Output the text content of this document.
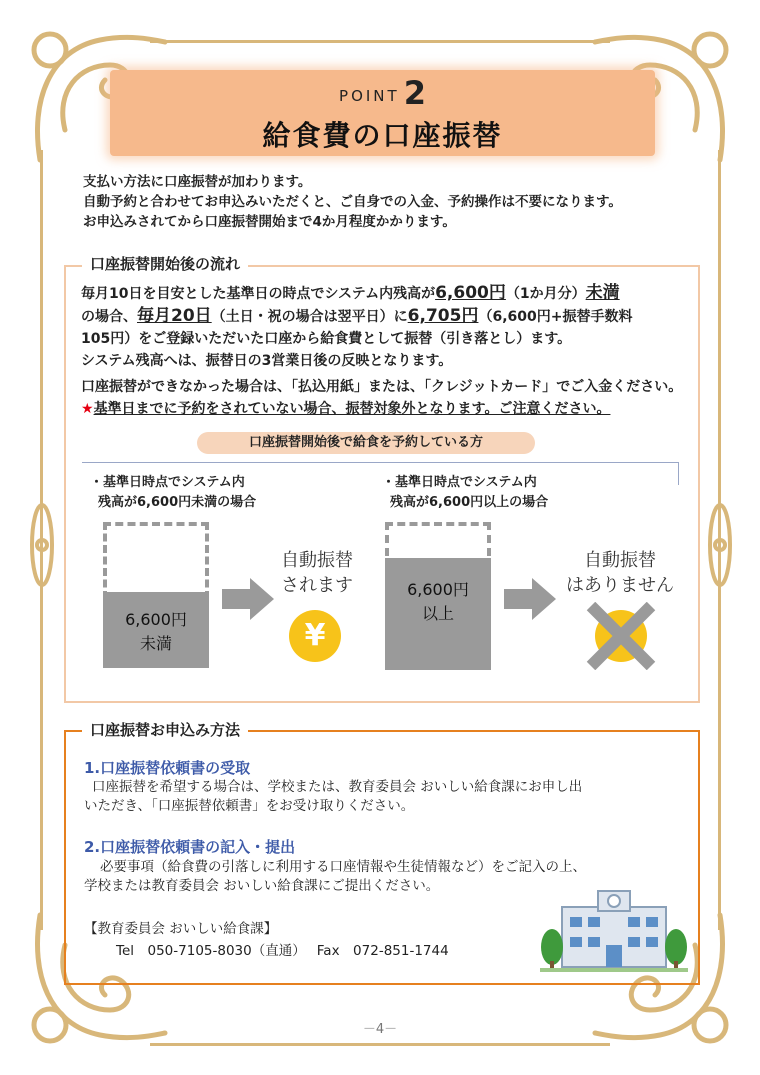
POINT 2
給食費の口座振替
支払い方法に口座振替が加わります。
自動予約と合わせてお申込みいただくと、ご自身での入金、予約操作は不要になります。
お申込みされてから口座振替開始まで4か月程度かかります。
口座振替開始後の流れ
毎月10日を目安とした基準日の時点でシステム内残高が6,600円（1か月分）未満
の場合、毎月20日（土日・祝の場合は翌平日）に6,705円（6,600円+振替手数料
105円）をご登録いただいた口座から給食費として振替（引き落とし）ます。
システム残高へは、振替日の3営業日後の反映となります。
口座振替ができなかった場合は、「払込用紙」または、「クレジットカード」でご入金ください。
★基準日までに予約をされていない場合、振替対象外となります。ご注意ください。
口座振替開始後で給食を予約している方
・基準日時点でシステム内
残高が6,600円未満の場合
6,600円
未満
自動振替
されます
¥
・基準日時点でシステム内
残高が6,600円以上の場合
6,600円
以上
自動振替
はありません
口座振替お申込み方法
1.口座振替依頼書の受取
口座振替を希望する場合は、学校または、教育委員会 おいしい給食課にお申し出
いただき、「口座振替依頼書」をお受け取りください。
2.口座振替依頼書の記入・提出
必要事項（給食費の引落しに利用する口座情報や生徒情報など）をご記入の上、
学校または教育委員会 おいしい給食課にご提出ください。
【教育委員会 おいしい給食課】
Tel　050-7105-8030（直通）　 Fax　072-851-1744
－4－
